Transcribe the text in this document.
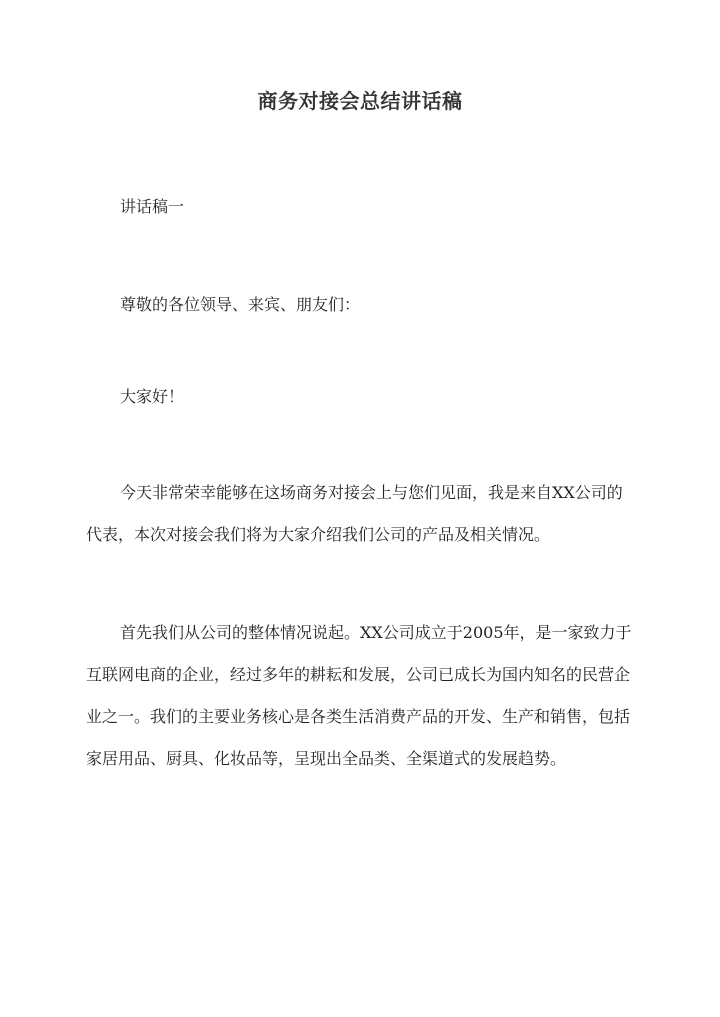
商务对接会总结讲话稿

讲话稿一

尊敬的各位领导、来宾、朋友们：

大家好！

今天非常荣幸能够在这场商务对接会上与您们见面，我是来自XX公司的代表，本次对接会我们将为大家介绍我们公司的产品及相关情况。

首先我们从公司的整体情况说起。XX公司成立于2005年，是一家致力于互联网电商的企业，经过多年的耕耘和发展，公司已成长为国内知名的民营企业之一。我们的主要业务核心是各类生活消费产品的开发、生产和销售，包括家居用品、厨具、化妆品等，呈现出全品类、全渠道式的发展趋势。
